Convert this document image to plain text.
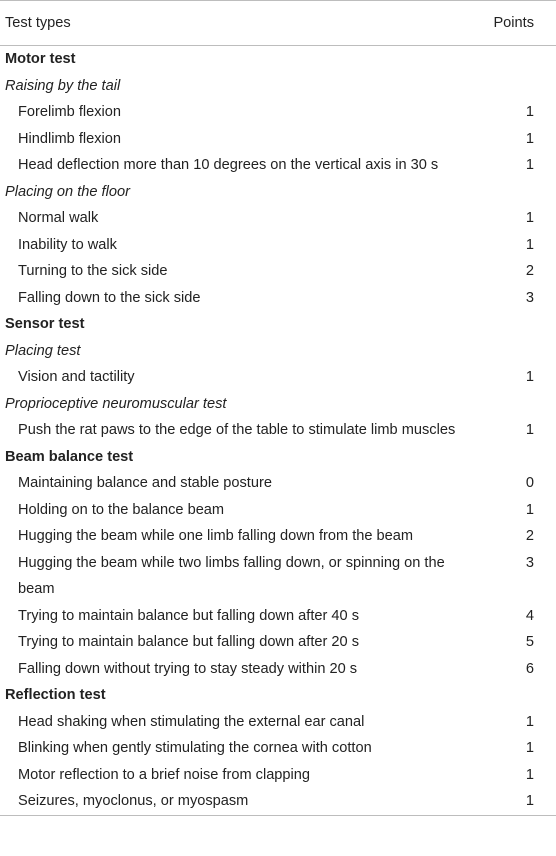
Test types	Points
Motor test	
Raising by the tail	
Forelimb flexion	1
Hindlimb flexion	1
Head deflection more than 10 degrees on the vertical axis in 30 s	1
Placing on the floor	
Normal walk	1
Inability to walk	1
Turning to the sick side	2
Falling down to the sick side	3
Sensor test	
Placing test	
Vision and tactility	1
Proprioceptive neuromuscular test	
Push the rat paws to the edge of the table to stimulate limb muscles	1
Beam balance test	
Maintaining balance and stable posture	0
Holding on to the balance beam	1
Hugging the beam while one limb falling down from the beam	2
Hugging the beam while two limbs falling down, or spinning on the beam	3
Trying to maintain balance but falling down after 40 s	4
Trying to maintain balance but falling down after 20 s	5
Falling down without trying to stay steady within 20 s	6
Reflection test	
Head shaking when stimulating the external ear canal	1
Blinking when gently stimulating the cornea with cotton	1
Motor reflection to a brief noise from clapping	1
Seizures, myoclonus, or myospasm	1
